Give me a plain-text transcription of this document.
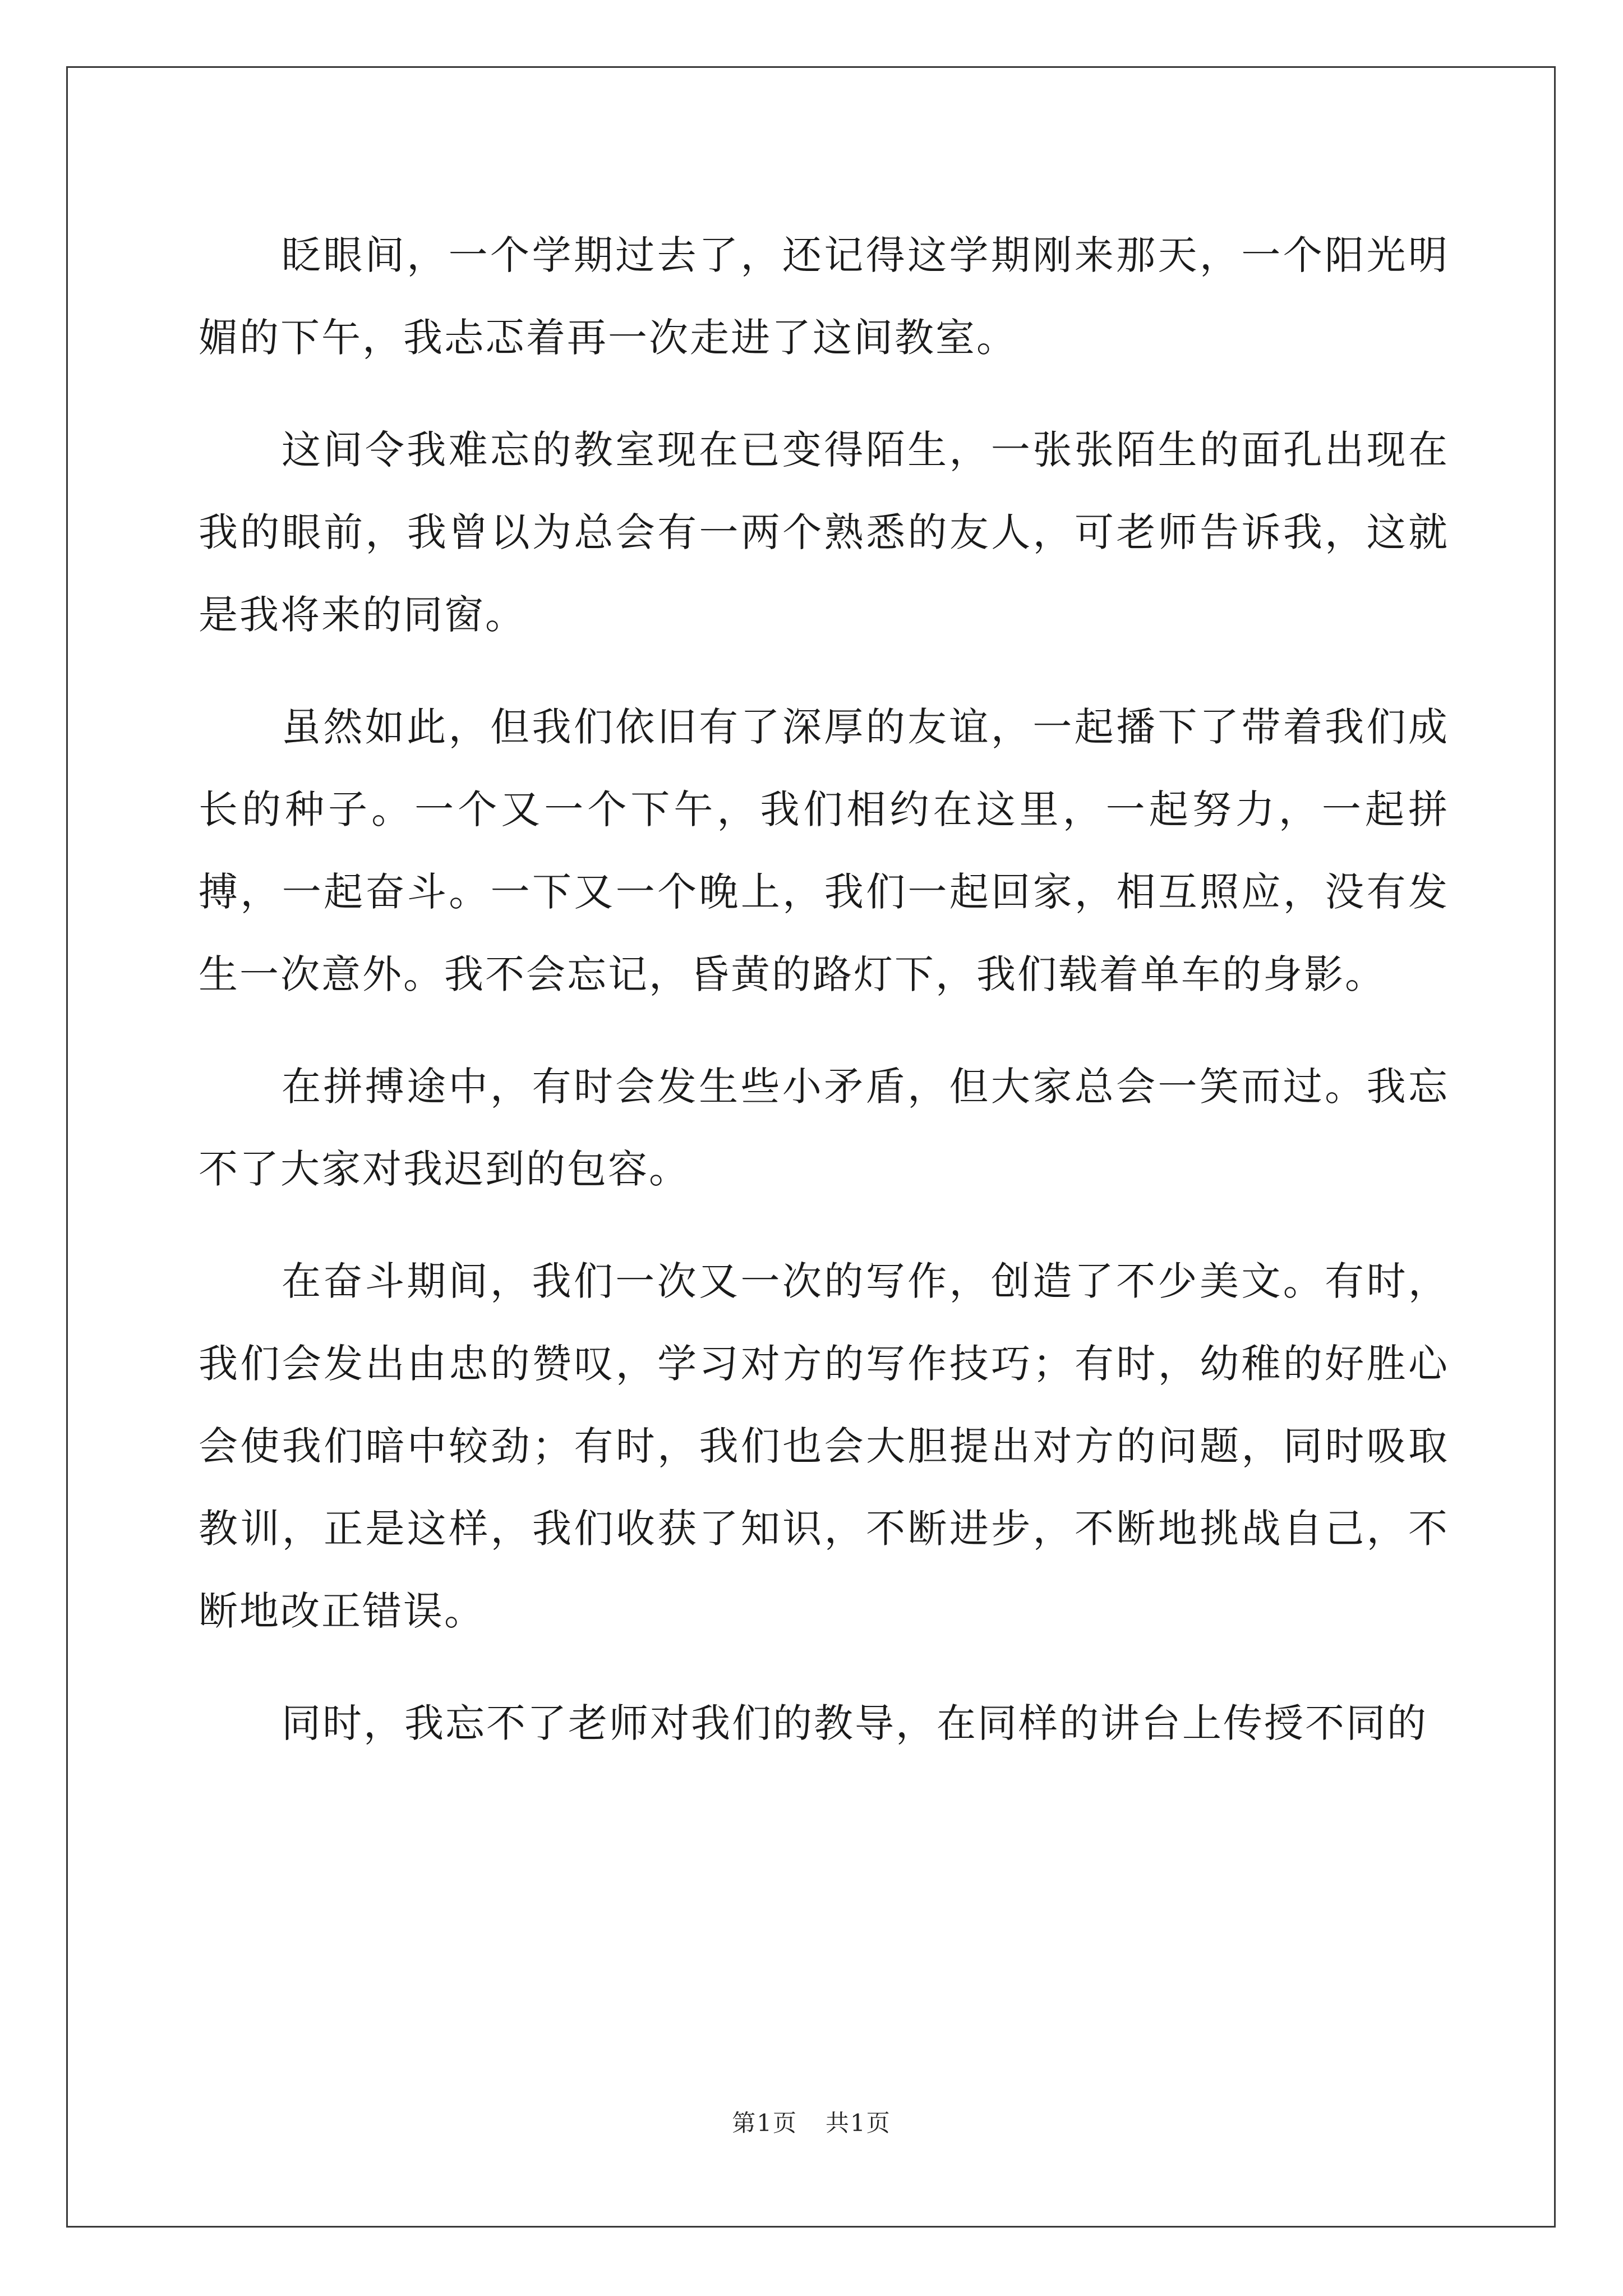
眨眼间，一个学期过去了，还记得这学期刚来那天，一个阳光明媚的下午，我忐忑着再一次走进了这间教室。

这间令我难忘的教室现在已变得陌生，一张张陌生的面孔出现在我的眼前，我曾以为总会有一两个熟悉的友人，可老师告诉我，这就是我将来的同窗。

虽然如此，但我们依旧有了深厚的友谊，一起播下了带着我们成长的种子。一个又一个下午，我们相约在这里，一起努力，一起拼搏，一起奋斗。一下又一个晚上，我们一起回家，相互照应，没有发生一次意外。我不会忘记，昏黄的路灯下，我们载着单车的身影。

在拼搏途中，有时会发生些小矛盾，但大家总会一笑而过。我忘不了大家对我迟到的包容。

在奋斗期间，我们一次又一次的写作，创造了不少美文。有时，我们会发出由忠的赞叹，学习对方的写作技巧；有时，幼稚的好胜心会使我们暗中较劲；有时，我们也会大胆提出对方的问题，同时吸取教训，正是这样，我们收获了知识，不断进步，不断地挑战自己，不断地改正错误。

同时，我忘不了老师对我们的教导，在同样的讲台上传授不同的

第1页 共1页
